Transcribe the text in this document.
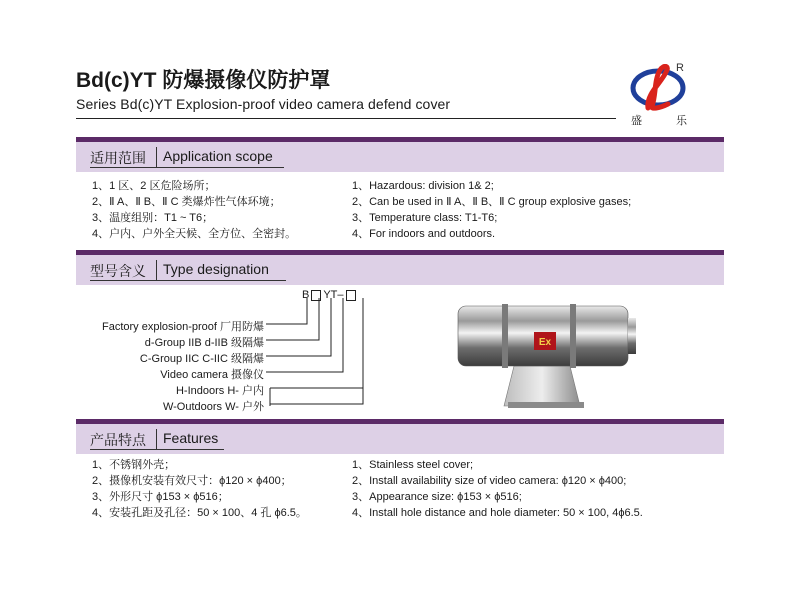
Bd(c)YT 防爆摄像仪防护罩
Series Bd(c)YT Explosion-proof video camera defend cover
R
盛	乐
适用范围 Application scope
1、1 区、2 区危险场所；
2、Ⅱ A、Ⅱ B、Ⅱ C 类爆炸性气体环境；
3、温度组别：T1 ~ T6；
4、户内、户外全天候、全方位、全密封。
1、Hazardous: division 1& 2;
2、Can be used in Ⅱ A、Ⅱ B、Ⅱ C group explosive gases;
3、Temperature class: T1-T6;
4、For indoors and outdoors.
型号含义 Type designation
B YT–
Factory explosion-proof 厂用防爆
d-Group IIB d-IIB 级隔爆
C-Group IIC C-IIC 级隔爆
Video camera 摄像仪
H-Indoors H- 户内
W-Outdoors W- 户外
Ex
产品特点 Features
1、不锈钢外壳；
2、摄像机安装有效尺寸：ϕ120 × ϕ400；
3、外形尺寸 ϕ153 × ϕ516；
4、安装孔距及孔径：50 × 100、4 孔 ϕ6.5。
1、Stainless steel cover;
2、Install availability size of video camera: ϕ120 × ϕ400;
3、Appearance size: ϕ153 × ϕ516;
4、Install hole distance and hole diameter: 50 × 100, 4ϕ6.5.
